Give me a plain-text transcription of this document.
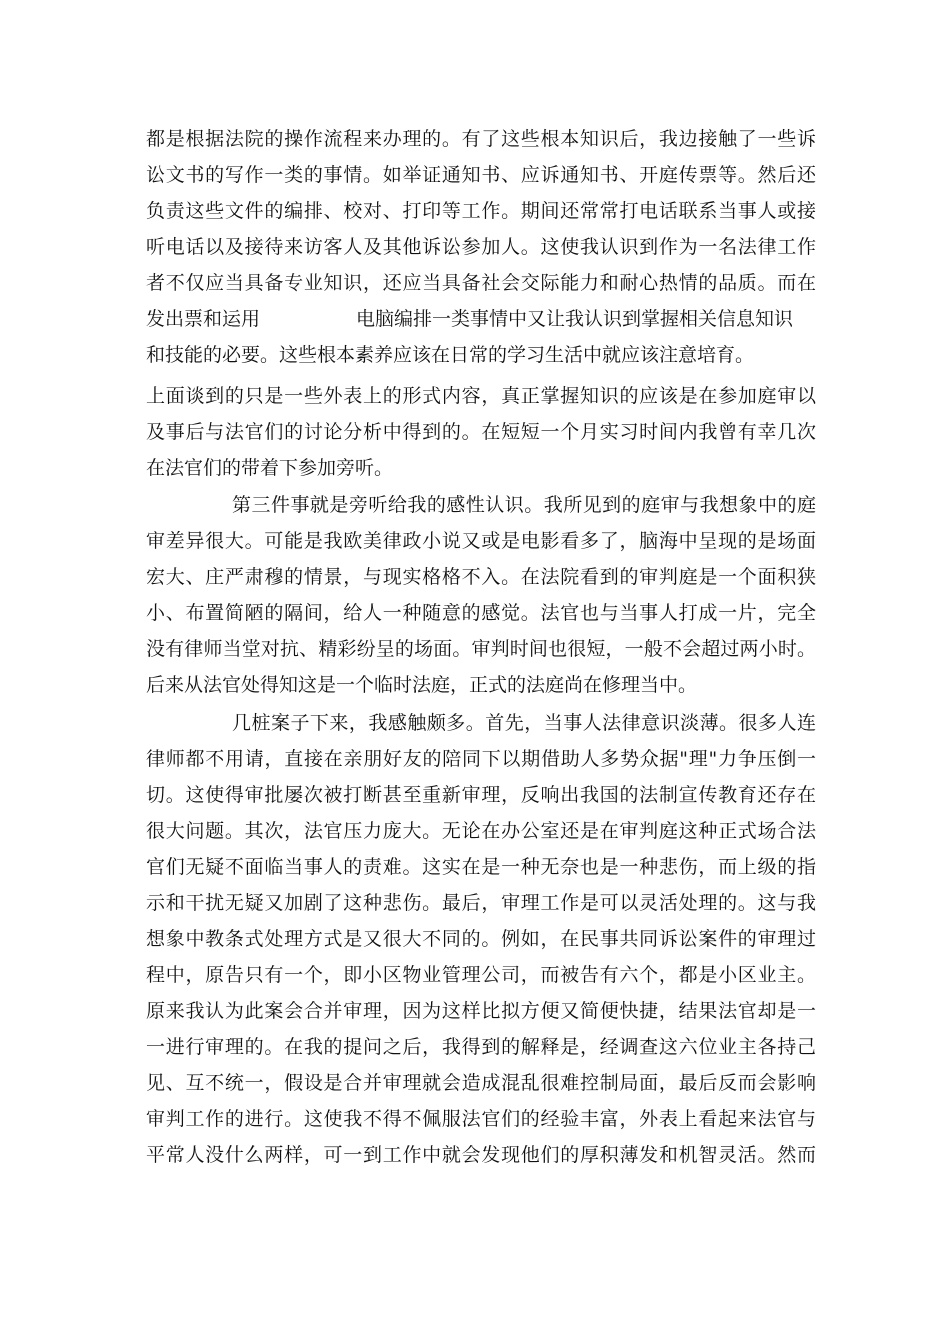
都是根据法院的操作流程来办理的。有了这些根本知识后，我边接触了一些诉
讼文书的写作一类的事情。如举证通知书、应诉通知书、开庭传票等。然后还
负责这些文件的编排、校对、打印等工作。期间还常常打电话联系当事人或接
听电话以及接待来访客人及其他诉讼参加人。这使我认识到作为一名法律工作
者不仅应当具备专业知识，还应当具备社会交际能力和耐心热情的品质。而在
发出票和运用	电脑编排一类事情中又让我认识到掌握相关信息知识
和技能的必要。这些根本素养应该在日常的学习生活中就应该注意培育。
上面谈到的只是一些外表上的形式内容，真正掌握知识的应该是在参加庭审以
及事后与法官们的讨论分析中得到的。在短短一个月实习时间内我曾有幸几次
在法官们的带着下参加旁听。
第三件事就是旁听给我的感性认识。我所见到的庭审与我想象中的庭
审差异很大。可能是我欧美律政小说又或是电影看多了，脑海中呈现的是场面
宏大、庄严肃穆的情景，与现实格格不入。在法院看到的审判庭是一个面积狭
小、布置简陋的隔间，给人一种随意的感觉。法官也与当事人打成一片，完全
没有律师当堂对抗、精彩纷呈的场面。审判时间也很短，一般不会超过两小时。
后来从法官处得知这是一个临时法庭，正式的法庭尚在修理当中。
几桩案子下来，我感触颇多。首先，当事人法律意识淡薄。很多人连
律师都不用请，直接在亲朋好友的陪同下以期借助人多势众据"理"力争压倒一
切。这使得审批屡次被打断甚至重新审理，反响出我国的法制宣传教育还存在
很大问题。其次，法官压力庞大。无论在办公室还是在审判庭这种正式场合法
官们无疑不面临当事人的责难。这实在是一种无奈也是一种悲伤，而上级的指
示和干扰无疑又加剧了这种悲伤。最后，审理工作是可以灵活处理的。这与我
想象中教条式处理方式是又很大不同的。例如，在民事共同诉讼案件的审理过
程中，原告只有一个，即小区物业管理公司，而被告有六个，都是小区业主。
原来我认为此案会合并审理，因为这样比拟方便又简便快捷，结果法官却是一
一进行审理的。在我的提问之后，我得到的解释是，经调查这六位业主各持己
见、互不统一，假设是合并审理就会造成混乱很难控制局面，最后反而会影响
审判工作的进行。这使我不得不佩服法官们的经验丰富，外表上看起来法官与
平常人没什么两样，可一到工作中就会发现他们的厚积薄发和机智灵活。然而
